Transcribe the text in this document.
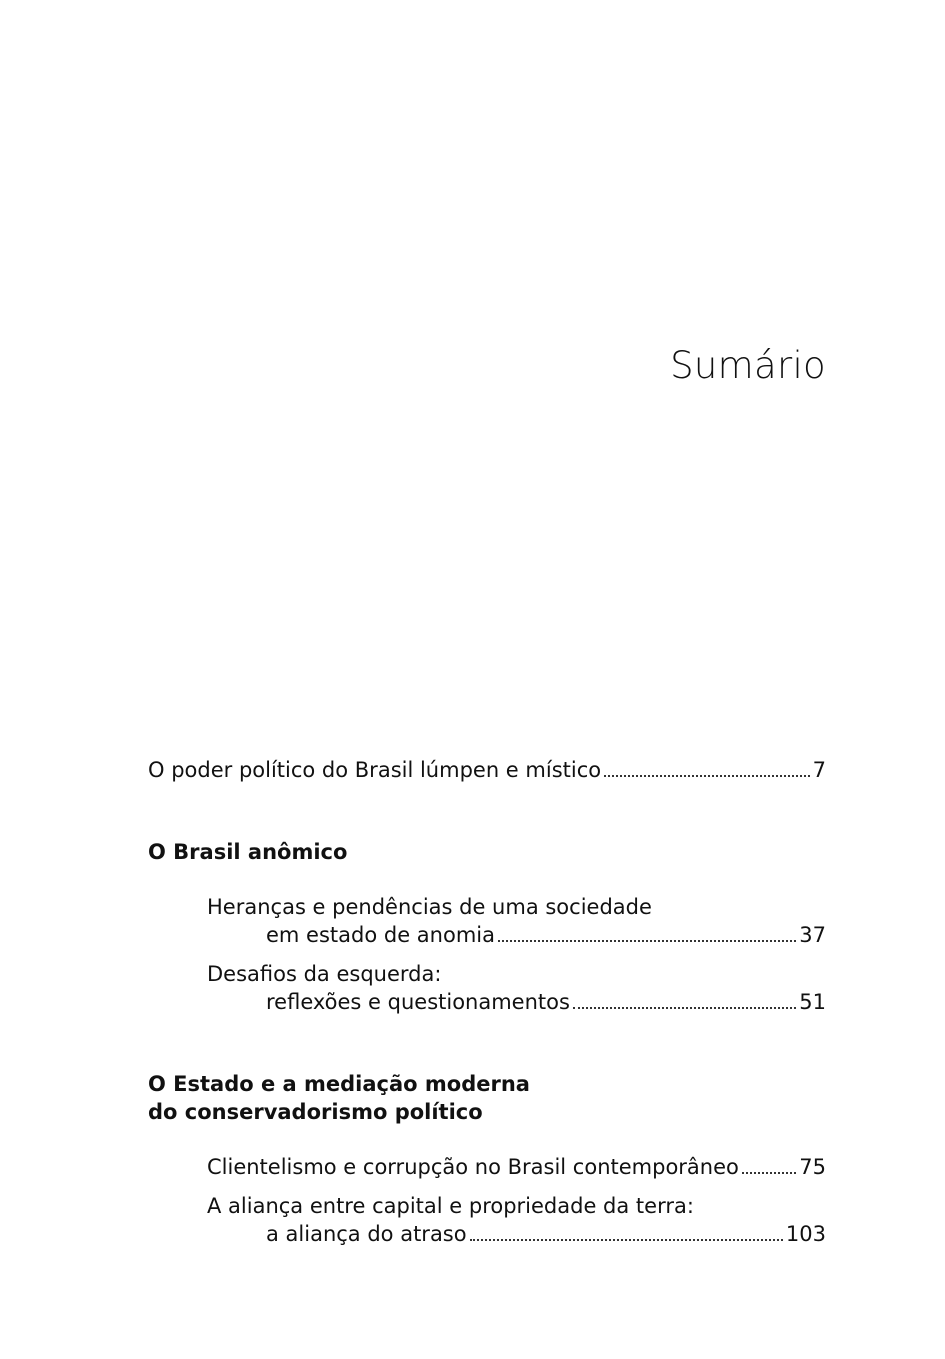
Sumário
O poder político do Brasil lúmpen e místico	7
O Brasil anômico
Heranças e pendências de uma sociedade
em estado de anomia	37
Desafios da esquerda:
reflexões e questionamentos	51
O Estado e a mediação moderna
do conservadorismo político
Clientelismo e corrupção no Brasil contemporâneo	75
A aliança entre capital e propriedade da terra:
a aliança do atraso	103
